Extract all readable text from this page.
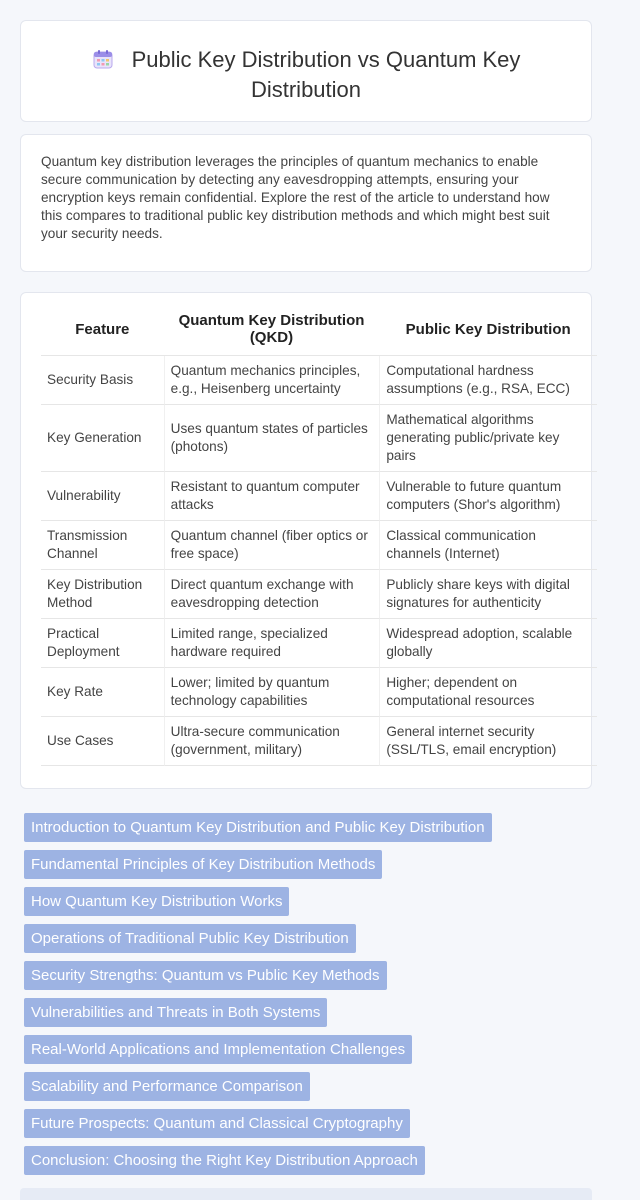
Public Key Distribution vs Quantum Key Distribution
Quantum key distribution leverages the principles of quantum mechanics to enable secure communication by detecting any eavesdropping attempts, ensuring your encryption keys remain confidential. Explore the rest of the article to understand how this compares to traditional public key distribution methods and which might best suit your security needs.
Feature	Quantum Key Distribution (QKD)	Public Key Distribution
Security Basis	Quantum mechanics principles, e.g., Heisenberg uncertainty	Computational hardness assumptions (e.g., RSA, ECC)
Key Generation	Uses quantum states of particles (photons)	Mathematical algorithms generating public/private key pairs
Vulnerability	Resistant to quantum computer attacks	Vulnerable to future quantum computers (Shor's algorithm)
Transmission Channel	Quantum channel (fiber optics or free space)	Classical communication channels (Internet)
Key Distribution Method	Direct quantum exchange with eavesdropping detection	Publicly share keys with digital signatures for authenticity
Practical Deployment	Limited range, specialized hardware required	Widespread adoption, scalable globally
Key Rate	Lower; limited by quantum technology capabilities	Higher; dependent on computational resources
Use Cases	Ultra-secure communication (government, military)	General internet security (SSL/TLS, email encryption)
Introduction to Quantum Key Distribution and Public Key Distribution
Fundamental Principles of Key Distribution Methods
How Quantum Key Distribution Works
Operations of Traditional Public Key Distribution
Security Strengths: Quantum vs Public Key Methods
Vulnerabilities and Threats in Both Systems
Real-World Applications and Implementation Challenges
Scalability and Performance Comparison
Future Prospects: Quantum and Classical Cryptography
Conclusion: Choosing the Right Key Distribution Approach
